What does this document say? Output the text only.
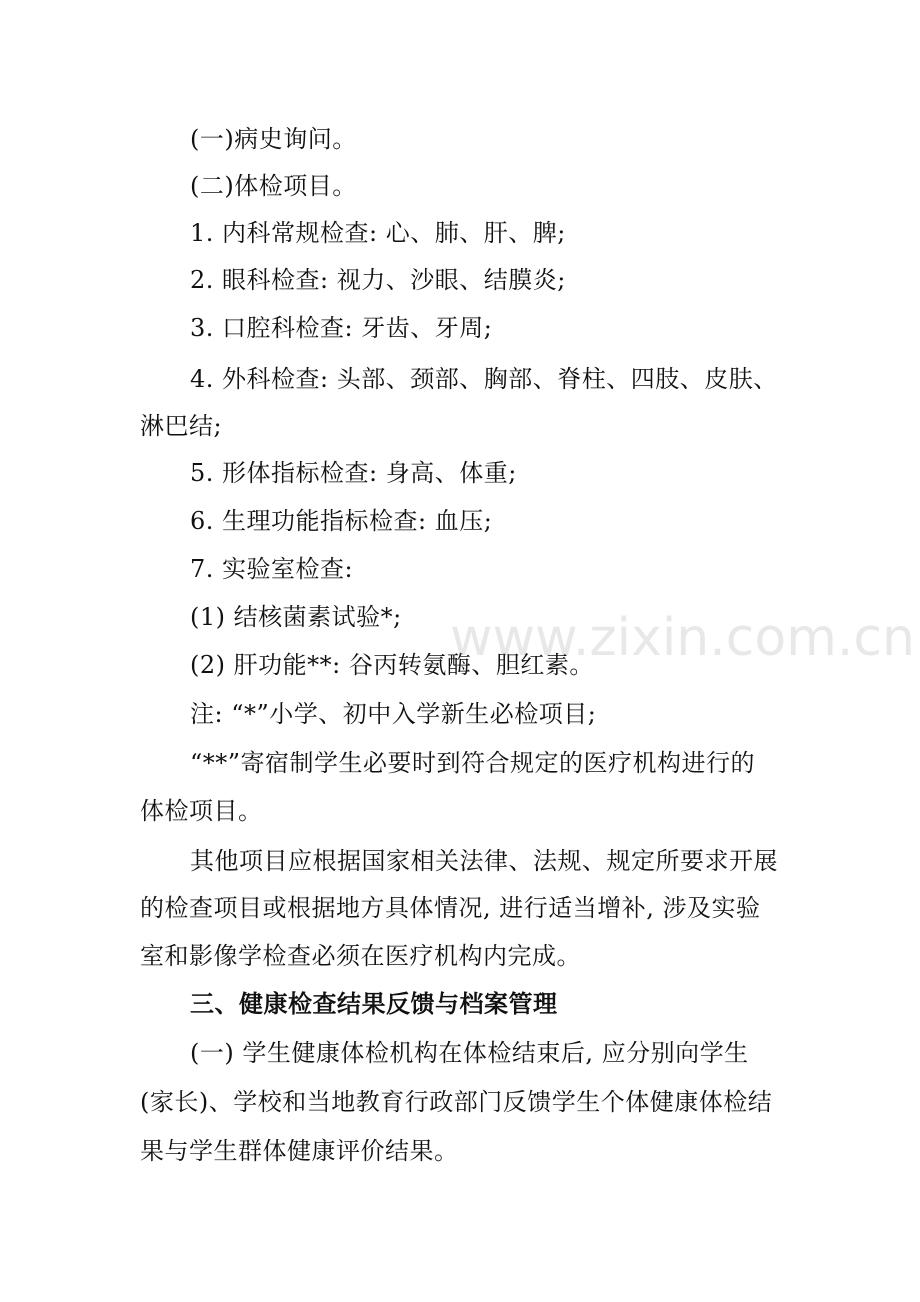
(一)病史询问。
(二)体检项目。
1. 内科常规检查: 心、肺、肝、脾;
2. 眼科检查: 视力、沙眼、结膜炎;
3. 口腔科检查: 牙齿、牙周;
4. 外科检查: 头部、颈部、胸部、脊柱、四肢、皮肤、
淋巴结;
5. 形体指标检查: 身高、体重;
6. 生理功能指标检查: 血压;
7. 实验室检查:
(1) 结核菌素试验*;
(2) 肝功能**: 谷丙转氨酶、胆红素。
注: “*”小学、初中入学新生必检项目;
“**”寄宿制学生必要时到符合规定的医疗机构进行的
体检项目。
其他项目应根据国家相关法律、法规、规定所要求开展
的检查项目或根据地方具体情况, 进行适当增补, 涉及实验
室和影像学检查必须在医疗机构内完成。
三、健康检查结果反馈与档案管理
(一) 学生健康体检机构在体检结束后, 应分别向学生
(家长)、学校和当地教育行政部门反馈学生个体健康体检结
果与学生群体健康评价结果。
www.zixin.com.cn
